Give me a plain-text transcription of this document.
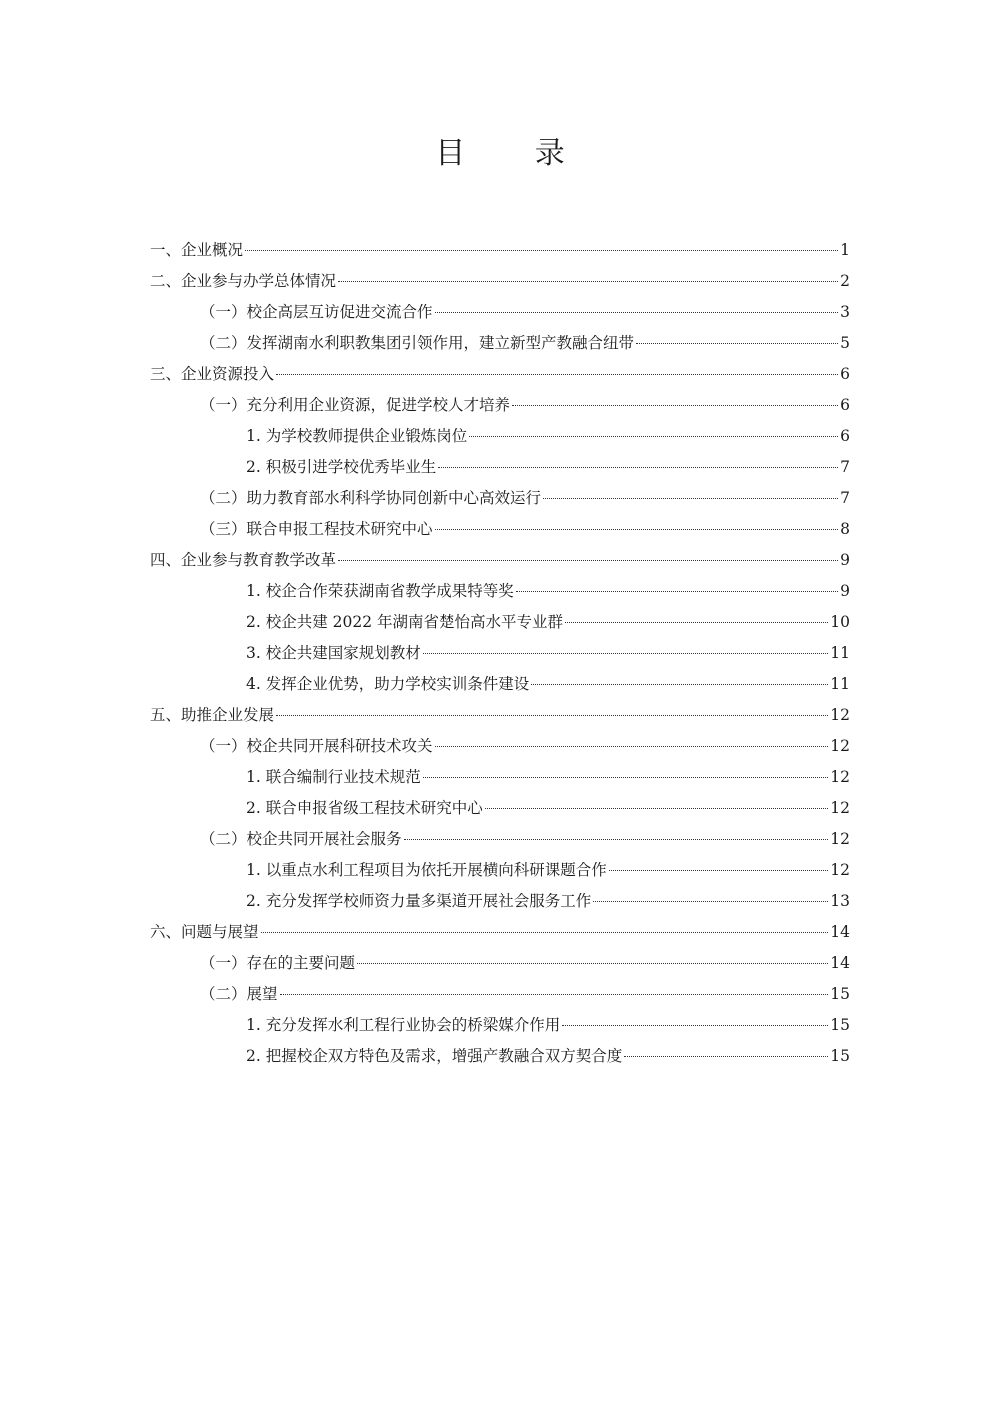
目 录
一、企业概况	1
二、企业参与办学总体情况	2
（一）校企高层互访促进交流合作	3
（二）发挥湖南水利职教集团引领作用，建立新型产教融合纽带	5
三、企业资源投入	6
（一）充分利用企业资源，促进学校人才培养	6
1. 为学校教师提供企业锻炼岗位	6
2. 积极引进学校优秀毕业生	7
（二）助力教育部水利科学协同创新中心高效运行	7
（三）联合申报工程技术研究中心	8
四、企业参与教育教学改革	9
1. 校企合作荣获湖南省教学成果特等奖	9
2. 校企共建 2022 年湖南省楚怡高水平专业群	10
3. 校企共建国家规划教材	11
4. 发挥企业优势，助力学校实训条件建设	11
五、助推企业发展	12
（一）校企共同开展科研技术攻关	12
1. 联合编制行业技术规范	12
2. 联合申报省级工程技术研究中心	12
（二）校企共同开展社会服务	12
1. 以重点水利工程项目为依托开展横向科研课题合作	12
2. 充分发挥学校师资力量多渠道开展社会服务工作	13
六、问题与展望	14
（一）存在的主要问题	14
（二）展望	15
1. 充分发挥水利工程行业协会的桥梁媒介作用	15
2. 把握校企双方特色及需求，增强产教融合双方契合度	15
